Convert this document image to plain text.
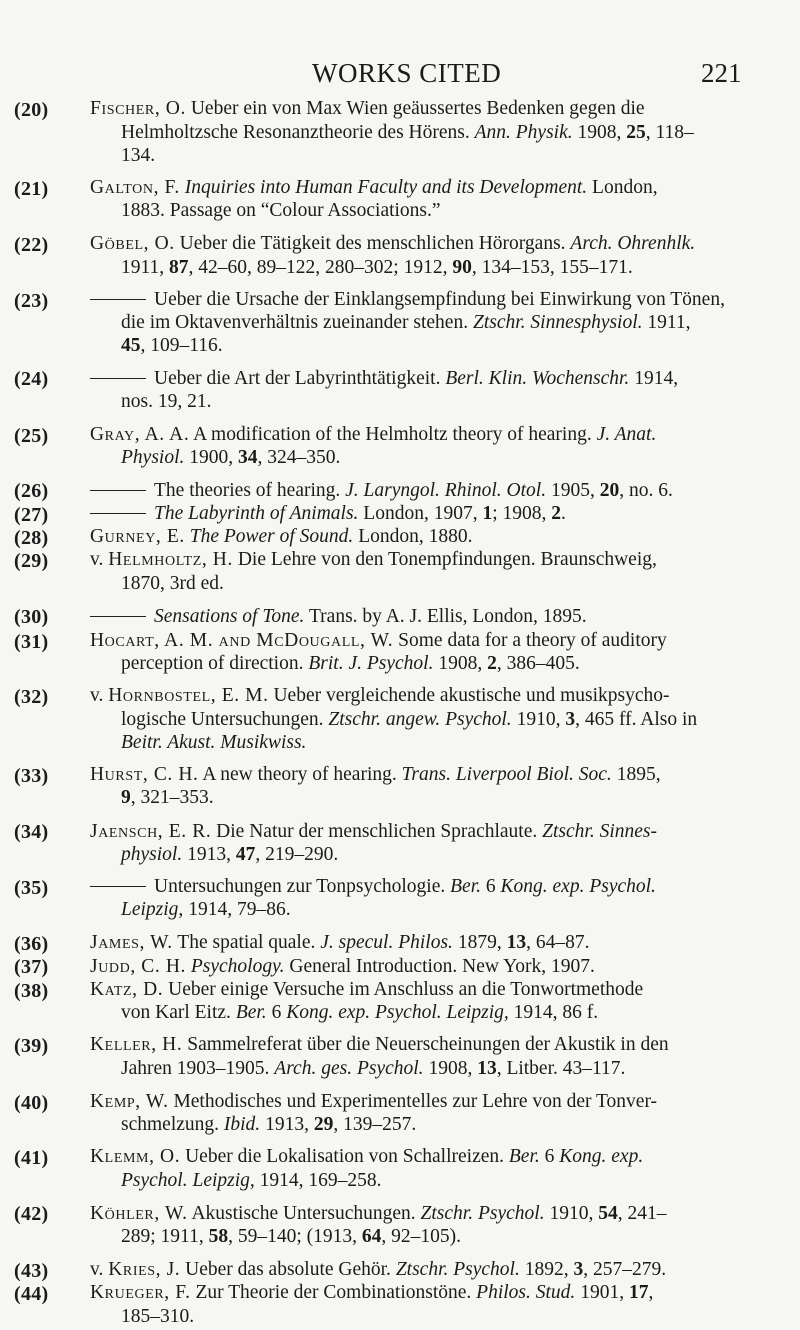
WORKS CITED	221
(20) Fischer, O. Ueber ein von Max Wien geäussertes Bedenken gegen die
Helmholtzsche Resonanztheorie des Hörens. Ann. Physik. 1908, 25, 118–
134.
(21) Galton, F. Inquiries into Human Faculty and its Development. London,
1883. Passage on “Colour Associations.”
(22) Göbel, O. Ueber die Tätigkeit des menschlichen Hörorgans. Arch. Ohrenhlk.
1911, 87, 42–60, 89–122, 280–302; 1912, 90, 134–153, 155–171.
(23)	Ueber die Ursache der Einklangsempfindung bei Einwirkung von Tönen,
die im Oktavenverhältnis zueinander stehen. Ztschr. Sinnesphysiol. 1911,
45, 109–116.
(24)	Ueber die Art der Labyrinthtätigkeit. Berl. Klin. Wochenschr. 1914,
nos. 19, 21.
(25) Gray, A. A. A modification of the Helmholtz theory of hearing. J. Anat.
Physiol. 1900, 34, 324–350.
(26)	The theories of hearing. J. Laryngol. Rhinol. Otol. 1905, 20, no. 6.
(27)	The Labyrinth of Animals. London, 1907, 1; 1908, 2.
(28) Gurney, E. The Power of Sound. London, 1880.
(29) v. Helmholtz, H. Die Lehre von den Tonempfindungen. Braunschweig,
1870, 3rd ed.
(30)	Sensations of Tone. Trans. by A. J. Ellis, London, 1895.
(31) Hocart, A. M. and McDougall, W. Some data for a theory of auditory
perception of direction. Brit. J. Psychol. 1908, 2, 386–405.
(32) v. Hornbostel, E. M. Ueber vergleichende akustische und musikpsycho-
logische Untersuchungen. Ztschr. angew. Psychol. 1910, 3, 465 ff. Also in
Beitr. Akust. Musikwiss.
(33) Hurst, C. H. A new theory of hearing. Trans. Liverpool Biol. Soc. 1895,
9, 321–353.
(34) Jaensch, E. R. Die Natur der menschlichen Sprachlaute. Ztschr. Sinnes-
physiol. 1913, 47, 219–290.
(35)	Untersuchungen zur Tonpsychologie. Ber. 6 Kong. exp. Psychol.
Leipzig, 1914, 79–86.
(36) James, W. The spatial quale. J. specul. Philos. 1879, 13, 64–87.
(37) Judd, C. H. Psychology. General Introduction. New York, 1907.
(38) Katz, D. Ueber einige Versuche im Anschluss an die Tonwortmethode
von Karl Eitz. Ber. 6 Kong. exp. Psychol. Leipzig, 1914, 86 f.
(39) Keller, H. Sammelreferat über die Neuerscheinungen der Akustik in den
Jahren 1903–1905. Arch. ges. Psychol. 1908, 13, Litber. 43–117.
(40) Kemp, W. Methodisches und Experimentelles zur Lehre von der Tonver-
schmelzung. Ibid. 1913, 29, 139–257.
(41) Klemm, O. Ueber die Lokalisation von Schallreizen. Ber. 6 Kong. exp.
Psychol. Leipzig, 1914, 169–258.
(42) Köhler, W. Akustische Untersuchungen. Ztschr. Psychol. 1910, 54, 241–
289; 1911, 58, 59–140; (1913, 64, 92–105).
(43) v. Kries, J. Ueber das absolute Gehör. Ztschr. Psychol. 1892, 3, 257–279.
(44) Krueger, F. Zur Theorie der Combinationstöne. Philos. Stud. 1901, 17,
185–310.
